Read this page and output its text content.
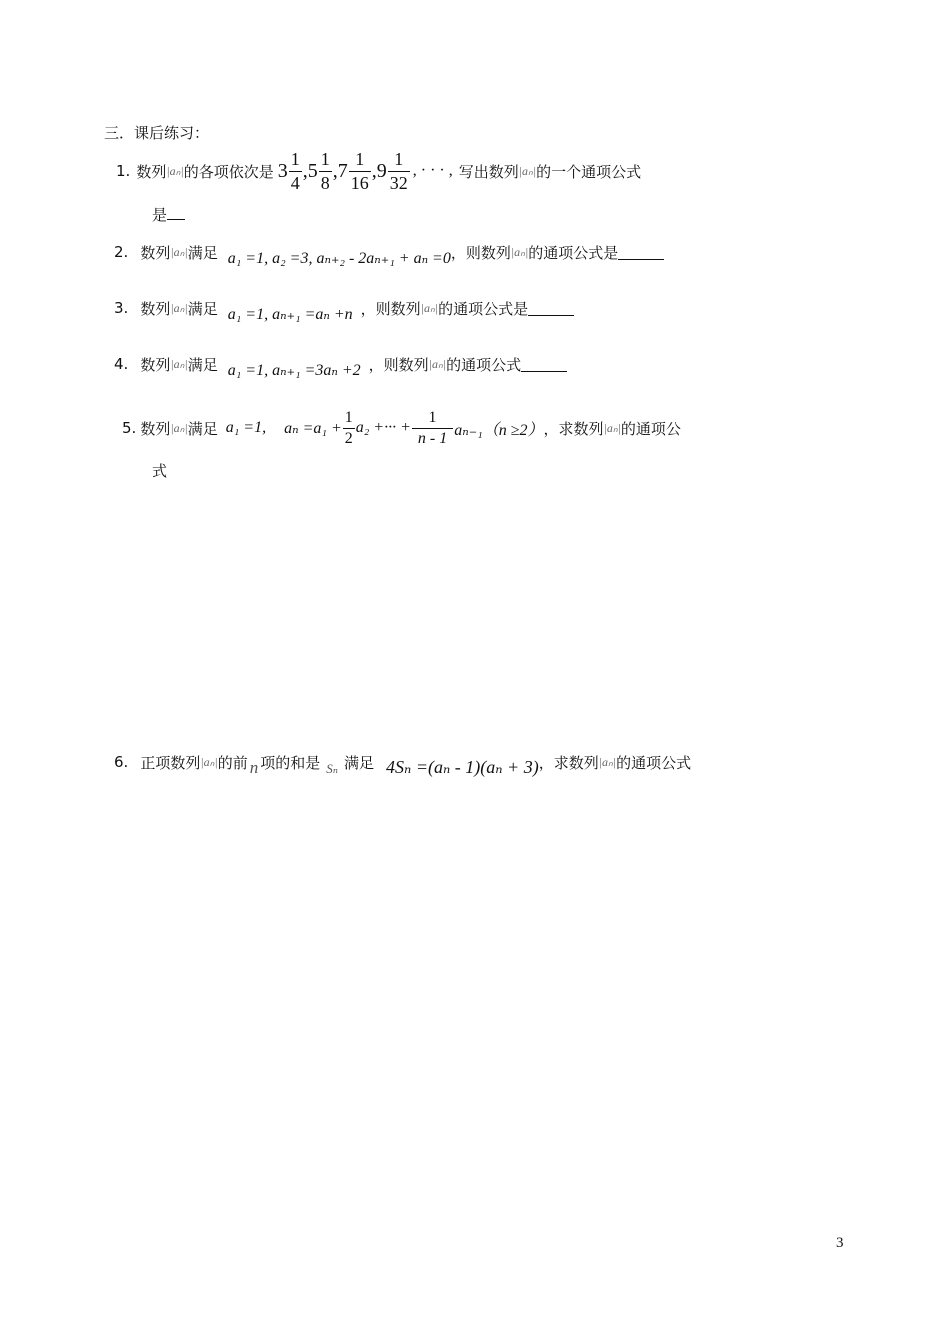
三．课后练习：
1. 数列 |aₙ| 的各项依次是 $3 \frac{1}{4}$ , $5 \frac{1}{8}$ , $7 \frac{1}{16}$ , $9 \frac{1}{32}$ , · · · , 写出数列 |aₙ| 的一个通项公式
是
2. 数列 |aₙ| 满足 a₁ =1, a₂ =3, aₙ₊₂ - 2aₙ₊₁ + aₙ =0 ，则数列 |aₙ| 的通项公式是
3. 数列 |aₙ| 满足 a₁ =1, aₙ₊₁ =aₙ +n ，则数列 |aₙ| 的通项公式是
4. 数列 |aₙ| 满足 a₁ =1, aₙ₊₁ =3aₙ +2 ，则数列 |aₙ| 的通项公式
5. 数列 |aₙ| 满足 a₁ =1, $a_n =a_1 + \frac{1}{2} a_2$ +··· + $\frac{1}{n - 1} a_{n-1}(n \ge 2)$ ，求数列 |aₙ| 的通项公
式
6. 正项数列 |aₙ| 的前 n 项的和是 Sₙ 满足 4Sₙ =(aₙ - 1)(aₙ + 3) ，求数列 |aₙ| 的通项公式
3
